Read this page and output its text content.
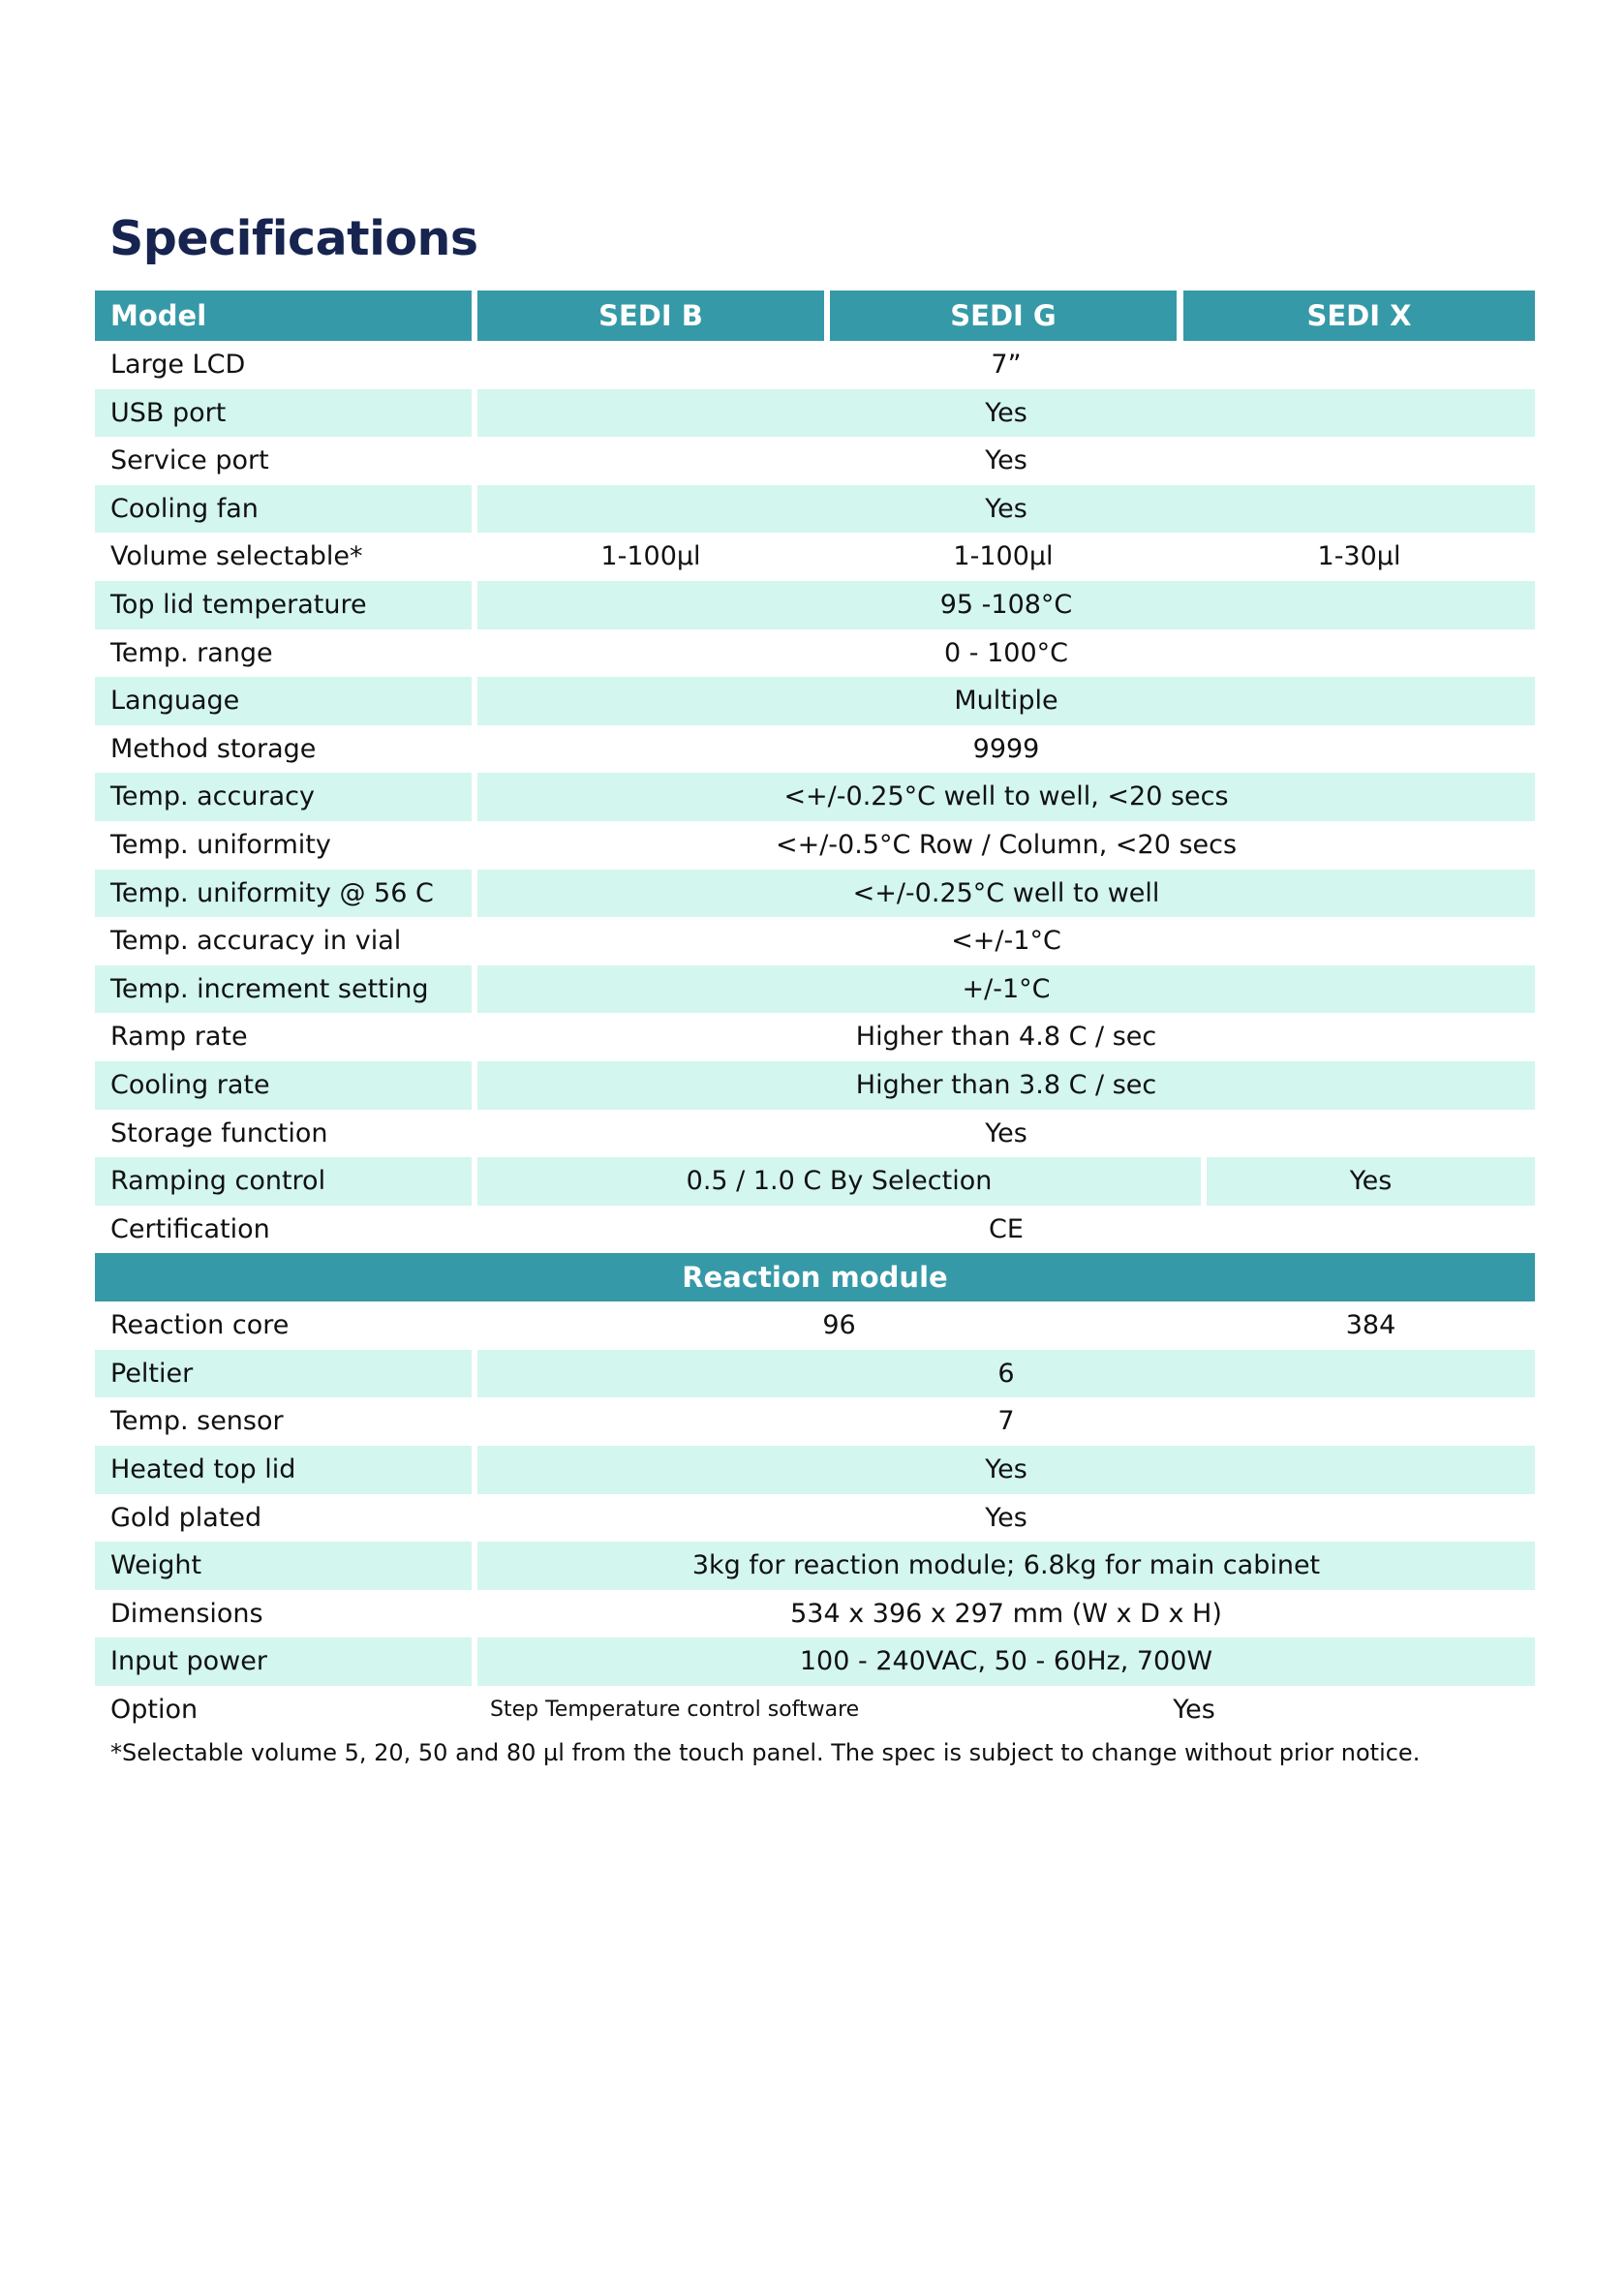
Specifications
Model	SEDI B	SEDI G	SEDI X
Large LCD	7”
USB port	Yes
Service port	Yes
Cooling fan	Yes
Volume selectable*	1-100µl	1-100µl	1-30µl
Top lid temperature	95 -108°C
Temp. range	0 - 100°C
Language	Multiple
Method storage	9999
Temp. accuracy	<+/-0.25°C well to well, <20 secs
Temp. uniformity	<+/-0.5°C Row / Column, <20 secs
Temp. uniformity @ 56 C	<+/-0.25°C well to well
Temp. accuracy in vial	<+/-1°C
Temp. increment setting	+/-1°C
Ramp rate	Higher than 4.8 C / sec
Cooling rate	Higher than 3.8 C / sec
Storage function	Yes
Ramping control	0.5 / 1.0 C By Selection	Yes
Certification	CE
Reaction module
Reaction core	96	384
Peltier	6
Temp. sensor	7
Heated top lid	Yes
Gold plated	Yes
Weight	3kg for reaction module; 6.8kg for main cabinet
Dimensions	534 x 396 x 297 mm (W x D x H)
Input power	100 - 240VAC, 50 - 60Hz, 700W
Option	Step Temperature control software	Yes
*Selectable volume 5, 20, 50 and 80 µl from the touch panel. The spec is subject to change without prior notice.
